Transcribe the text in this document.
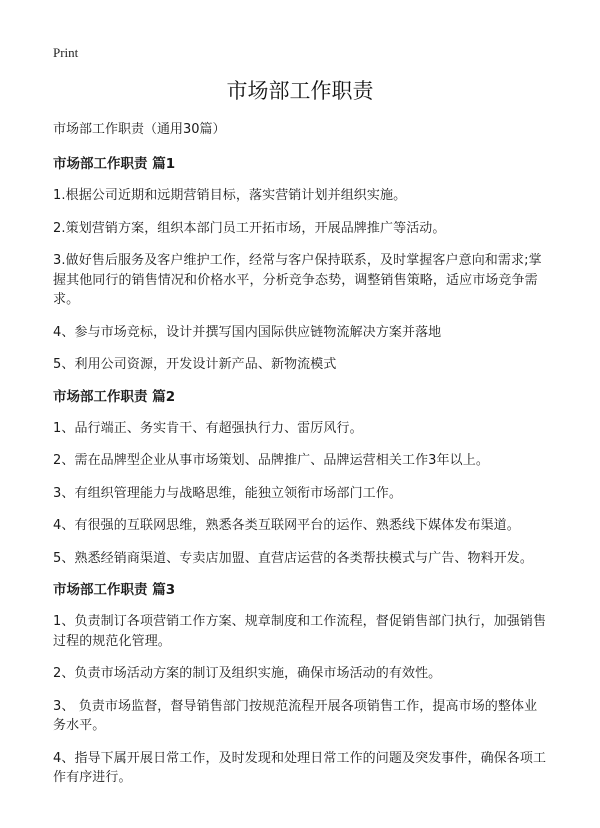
Print
市场部工作职责

市场部工作职责（通用30篇）

市场部工作职责 篇1

1.根据公司近期和远期营销目标，落实营销计划并组织实施。

2.策划营销方案，组织本部门员工开拓市场，开展品牌推广等活动。

3.做好售后服务及客户维护工作，经常与客户保持联系，及时掌握客户意向和需求;掌握其他同行的销售情况和价格水平，分析竞争态势，调整销售策略，适应市场竞争需求。

4、参与市场竞标，设计并撰写国内国际供应链物流解决方案并落地

5、利用公司资源，开发设计新产品、新物流模式

市场部工作职责 篇2

1、品行端正、务实肯干、有超强执行力、雷厉风行。

2、需在品牌型企业从事市场策划、品牌推广、品牌运营相关工作3年以上。

3、有组织管理能力与战略思维，能独立领衔市场部门工作。

4、有很强的互联网思维，熟悉各类互联网平台的运作、熟悉线下媒体发布渠道。

5、熟悉经销商渠道、专卖店加盟、直营店运营的各类帮扶模式与广告、物料开发。

市场部工作职责 篇3

1、负责制订各项营销工作方案、规章制度和工作流程，督促销售部门执行，加强销售过程的规范化管理。

2、负责市场活动方案的制订及组织实施，确保市场活动的有效性。

3、 负责市场监督，督导销售部门按规范流程开展各项销售工作，提高市场的整体业务水平。

4、指导下属开展日常工作，及时发现和处理日常工作的问题及突发事件，确保各项工作有序进行。
